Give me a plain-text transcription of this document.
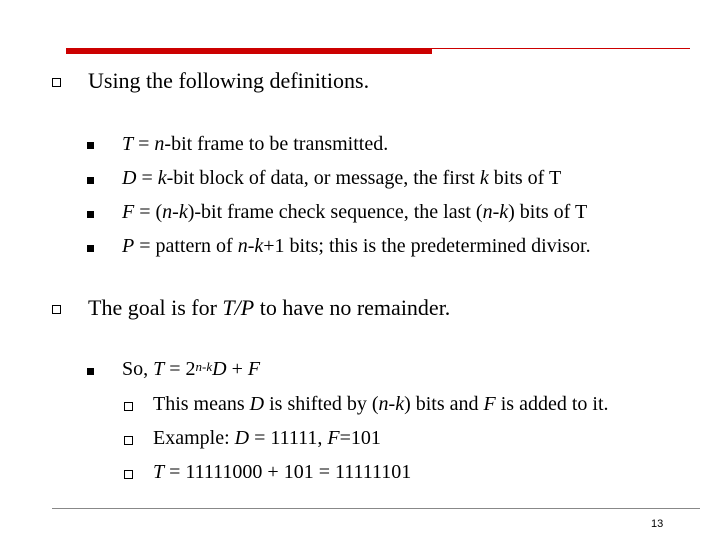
Using the following definitions.
T = n-bit frame to be transmitted.
D = k-bit block of data, or message, the first k bits of T
F = (n-k)-bit frame check sequence, the last (n-k) bits of T
P = pattern of n-k+1 bits; this is the predetermined divisor.
The goal is for T/P to have no remainder.
So, $T = 2^{n-k}D + F$
This means D is shifted by (n-k) bits and F is added to it.
Example: D = 11111, F=101
T = 11111000 + 101 = 11111101
13
